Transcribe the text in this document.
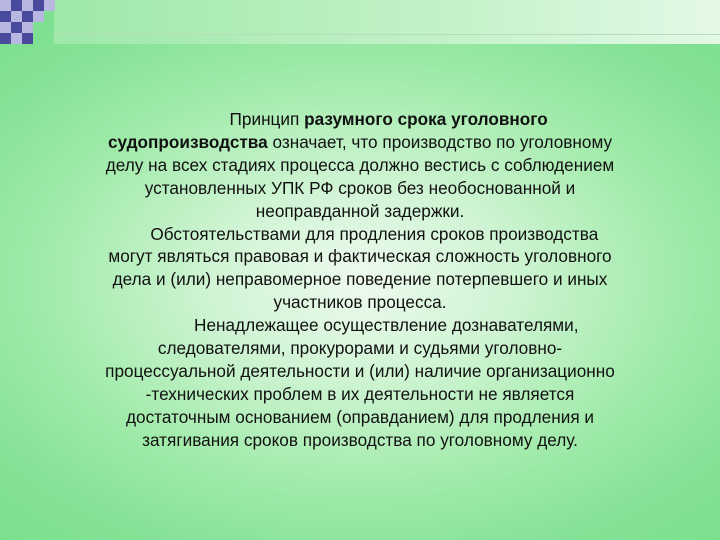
Принцип разумного срока уголовного
судопроизводства означает, что производство по уголовному
делу на всех стадиях процесса должно вестись с соблюдением
установленных УПК РФ сроков без необоснованной и
неоправданной задержки.

Обстоятельствами для продления сроков производства
могут являться правовая и фактическая сложность уголовного
дела и (или) неправомерное поведение потерпевшего и иных
участников процесса.

Ненадлежащее осуществление дознавателями,
следователями, прокурорами и судьями уголовно-
процессуальной деятельности и (или) наличие организационно
-технических проблем в их деятельности не является
достаточным основанием (оправданием) для продления и
затягивания сроков производства по уголовному делу.
